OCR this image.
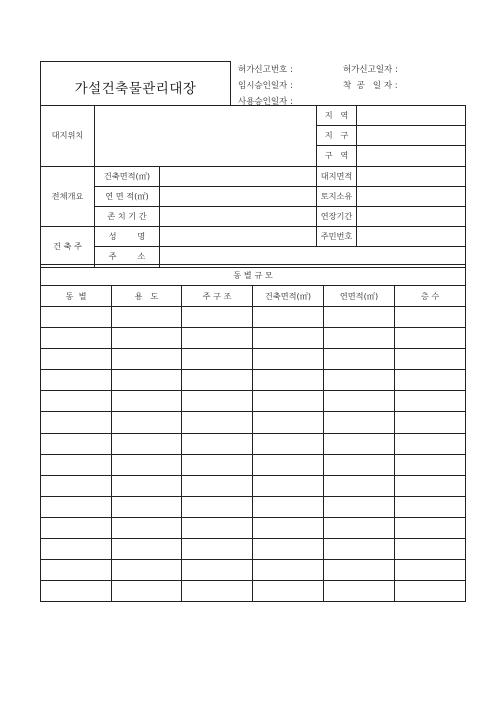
가설건축물관리대장
허가신고번호 :	허가신고일자 :
임시승인일자 :	착  공   일 자 :
사용승인일자 :
대지위치			지   역	
			지   구	
			구   역	
전체개요	건축면적(㎡)		대지면적	
	연 면 적(㎡)		토지소유	
	존 치 기 간		연장기간	
건 축 주	성        명		주민번호	
	주        소			
동 별 규 모					
동  별	용   도	주 구 조	건축면적(㎡)	연면적(㎡)	층 수
